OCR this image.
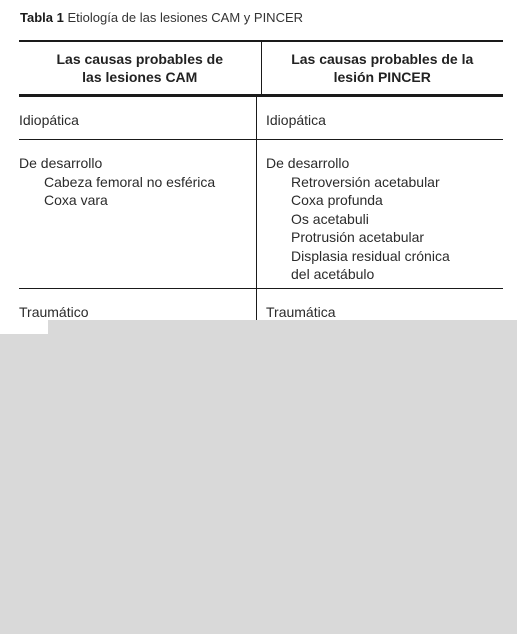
Tabla 1 Etiología de las lesiones CAM y PINCER
Las causas probables de
las lesiones CAM
Las causas probables de la
lesión PINCER
Idiopática	Idiopática
De desarrollo
Cabeza femoral no esférica
Coxa vara
De desarrollo
Retroversión acetabular
Coxa profunda
Os acetabuli
Protrusión acetabular
Displasia residual crónica
del acetábulo
Traumático	Traumática
